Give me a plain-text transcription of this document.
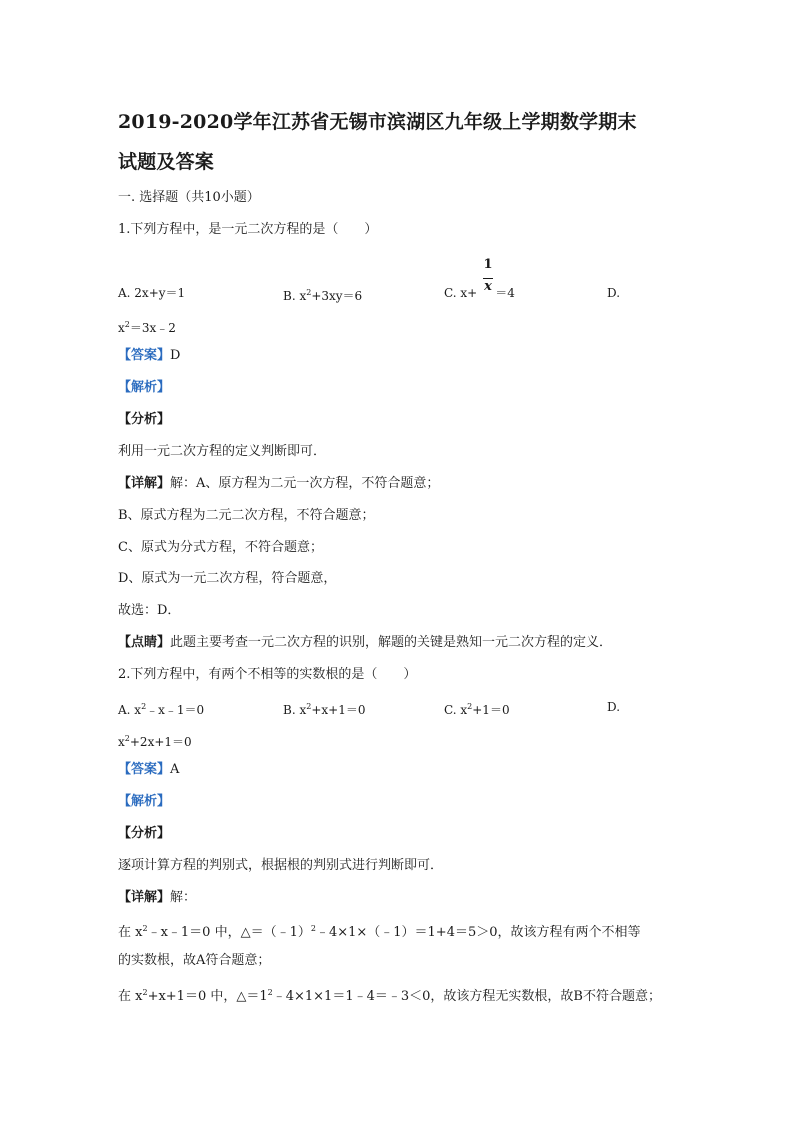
2019-2020学年江苏省无锡市滨湖区九年级上学期数学期末
试题及答案
一. 选择题（共10小题）
1.下列方程中，是一元二次方程的是（　　）
A. 2x+y＝1	B. $x^2+3xy=6$	C. x+ ＝4
1
x	D.
$x^2=3x﹣2$
【答案】D
【解析】
【分析】
利用一元二次方程的定义判断即可．
【详解】解：A、原方程为二元一次方程，不符合题意；
B、原式方程为二元二次方程，不符合题意；
C、原式为分式方程，不符合题意；
D、原式为一元二次方程，符合题意，
故选：D．
【点睛】此题主要考查一元二次方程的识别，解题的关键是熟知一元二次方程的定义．
2.下列方程中，有两个不相等的实数根的是（　　）
A. $x^2﹣x﹣1=0$	B. $x^2+x+1=0$	C. $x^2+1=0$	D.
$x^2+2x+1=0$
【答案】A
【解析】
【分析】
逐项计算方程的判别式，根据根的判别式进行判断即可．
【详解】解：
在 $x^2﹣x﹣1=0$ 中，△＝（﹣1）$^2$﹣4×1×（﹣1）＝1+4＝5＞0，故该方程有两个不相等
的实数根，故A符合题意；
在 $x^2+x+1=0$ 中，$\triangle=1^2﹣4\times 1\times 1=1﹣4=﹣3<0$，故该方程无实数根，故B不符合题意；
